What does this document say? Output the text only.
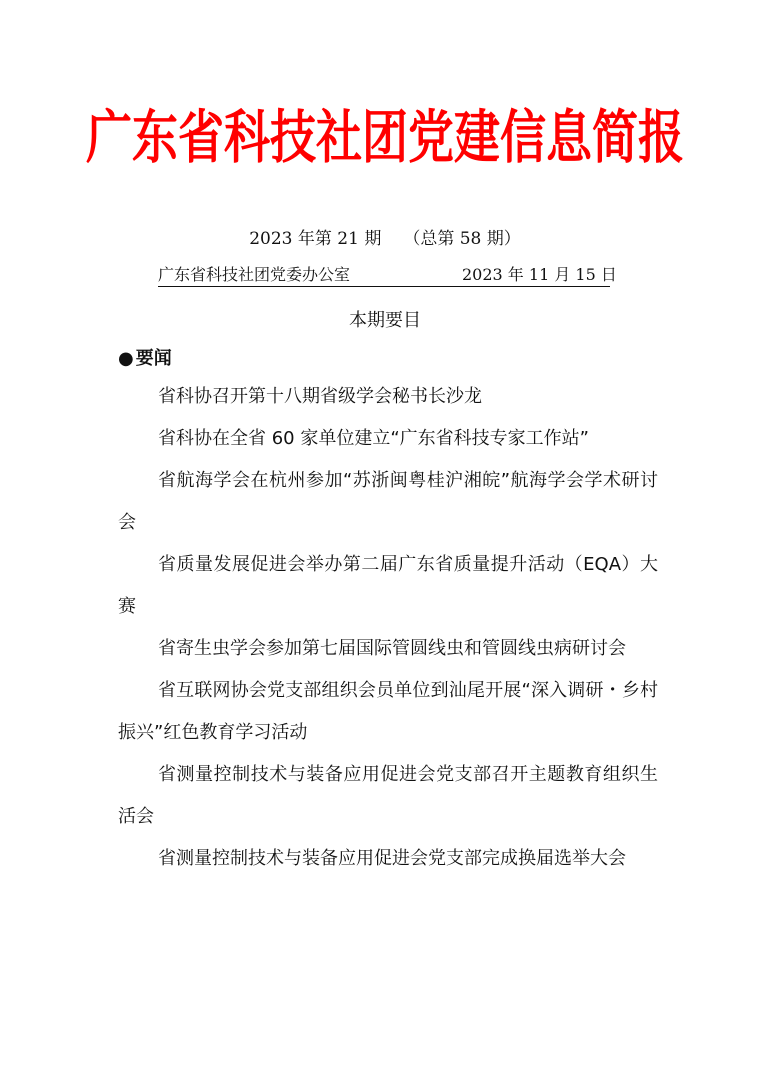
广东省科技社团党建信息简报
2023 年第 21 期 （总第 58 期）
广东省科技社团党委办公室	2023 年 11 月 15 日
本期要目
● 要闻
省科协召开第十八期省级学会秘书长沙龙
省科协在全省 60 家单位建立“广东省科技专家工作站”
省航海学会在杭州参加“苏浙闽粤桂沪湘皖”航海学会学术研讨会
省质量发展促进会举办第二届广东省质量提升活动（EQA）大赛
省寄生虫学会参加第七届国际管圆线虫和管圆线虫病研讨会
省互联网协会党支部组织会员单位到汕尾开展“深入调研・乡村振兴”红色教育学习活动
省测量控制技术与装备应用促进会党支部召开主题教育组织生活会
省测量控制技术与装备应用促进会党支部完成换届选举大会
